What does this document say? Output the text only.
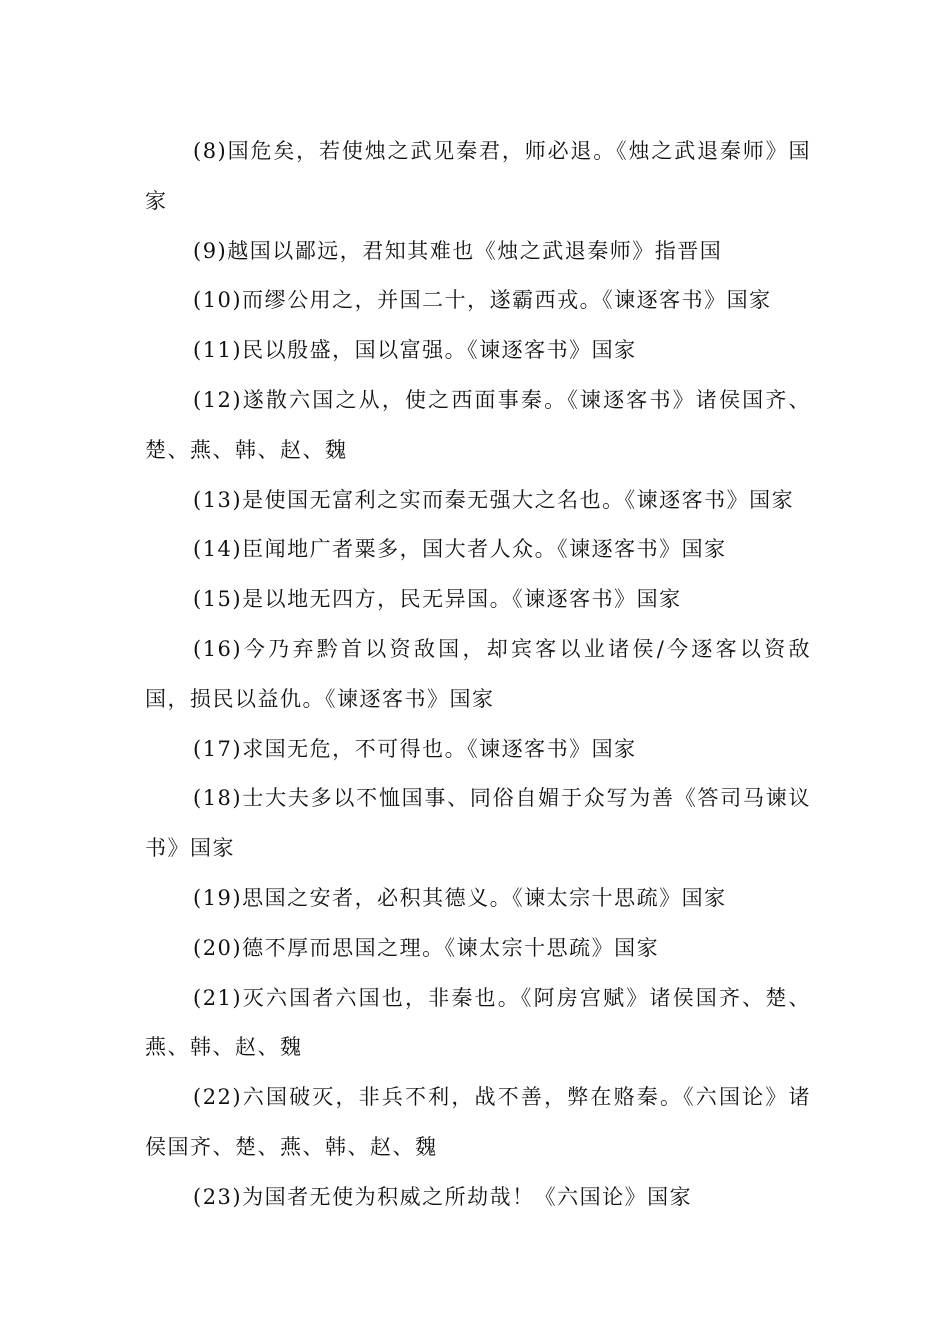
(8)国危矣，若使烛之武见秦君，师必退。《烛之武退秦师》国家

(9)越国以鄙远，君知其难也《烛之武退秦师》指晋国

(10)而缪公用之，并国二十，遂霸西戎。《谏逐客书》国家

(11)民以殷盛，国以富强。《谏逐客书》国家

(12)遂散六国之从，使之西面事秦。《谏逐客书》诸侯国齐、楚、燕、韩、赵、魏

(13)是使国无富利之实而秦无强大之名也。《谏逐客书》国家

(14)臣闻地广者粟多，国大者人众。《谏逐客书》国家

(15)是以地无四方，民无异国。《谏逐客书》国家

(16)今乃弃黔首以资敌国，却宾客以业诸侯/今逐客以资敌国，损民以益仇。《谏逐客书》国家

(17)求国无危，不可得也。《谏逐客书》国家

(18)士大夫多以不恤国事、同俗自媚于众写为善《答司马谏议书》国家

(19)思国之安者，必积其德义。《谏太宗十思疏》国家

(20)德不厚而思国之理。《谏太宗十思疏》国家

(21)灭六国者六国也，非秦也。《阿房宫赋》诸侯国齐、楚、燕、韩、赵、魏

(22)六国破灭，非兵不利，战不善，弊在赂秦。《六国论》诸侯国齐、楚、燕、韩、赵、魏

(23)为国者无使为积威之所劫哉！《六国论》国家
